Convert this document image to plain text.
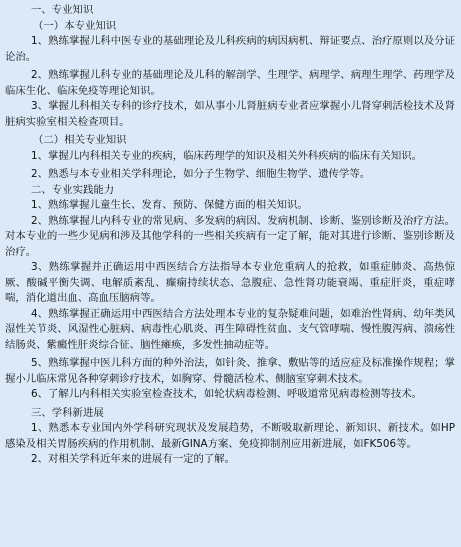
一、专业知识

（一）本专业知识

1、熟练掌握儿科中医专业的基础理论及儿科疾病的病因病机、辩证要点、治疗原则以及分证论治。

2、熟练掌握儿科专业的基础理论及儿科的解剖学、生理学、病理学、病理生理学、药理学及临床生化、临床免疫等理论知识。

3、掌握儿科相关专科的诊疗技术，如从事小儿肾脏病专业者应掌握小儿肾穿刺活检技术及肾脏病实验室相关检查项目。

（二）相关专业知识

1、掌握儿内科相关专业的疾病，临床药理学的知识及相关外科疾病的临床有关知识。

2、熟悉与本专业相关学科理论，如分子生物学、细胞生物学、遗传学等。

二、专业实践能力

1、熟练掌握儿童生长、发育、预防、保健方面的相关知识。

2、熟练掌握儿内科专业的常见病、多发病的病因、发病机制、诊断、鉴别诊断及治疗方法。对本专业的一些少见病和涉及其他学科的一些相关疾病有一定了解，能对其进行诊断、鉴别诊断及治疗。

3、熟练掌握并正确运用中西医结合方法指导本专业危重病人的抢救，如重症肺炎、高热惊厥、酸碱平衡失调、电解质紊乱、癫痫持续状态、急腹症、急性肾功能衰竭、重症肝炎，重症哮喘，消化道出血、高血压脑病等。

4、熟练掌握正确运用中西医结合方法处理本专业的复杂疑难问题，如难治性肾病、幼年类风湿性关节炎、风湿性心脏病、病毒性心肌炎、再生障碍性贫血、支气管哮喘、慢性腹泻病、溃疡性结肠炎、紫癜性肝炎综合征、脑性瘫痪，多发性抽动症等。

5、熟练掌握中医儿科方面的种外治法，如针灸、推拿、敷贴等的适应症及标准操作规程；掌握小儿临床常见各种穿刺诊疗技术，如胸穿、骨髓活检术、侧脑室穿刺术技术。

6、了解儿内科相关实验室检查技术，如轮状病毒检测、呼吸道常见病毒检测等技术。

三、学科新进展

1、熟悉本专业国内外学科研究现状及发展趋势，不断吸取新理论、新知识、新技术。如HP感染及相关胃肠疾病的作用机制、最新GINA方案、免疫抑制剂应用新进展，如FK506等。

2、对相关学科近年来的进展有一定的了解。
